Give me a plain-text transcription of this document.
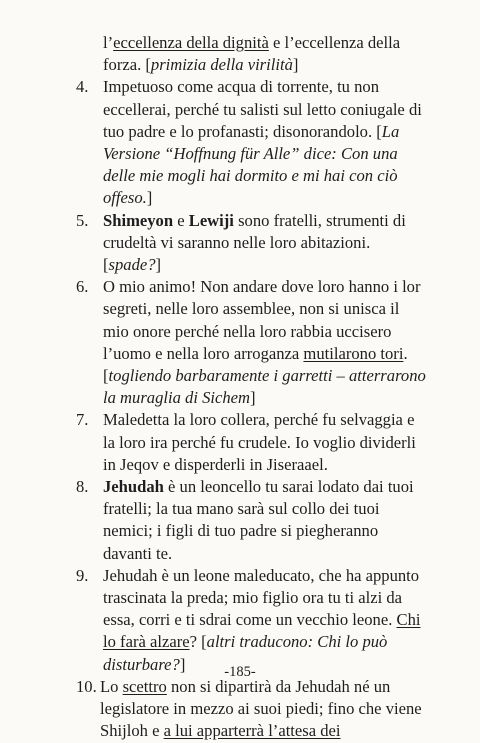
l’eccellenza della dignità e l’eccellenza della forza. [primizia della virilità]
4. Impetuoso come acqua di torrente, tu non eccellerai, perché tu salisti sul letto coniugale di tuo padre e lo profanasti; disonorandolo. [La Versione “Hoffnung für Alle” dice: Con una delle mie mogli hai dormito e mi hai con ciò offeso.]
5. Shimeyon e Lewiji sono fratelli, strumenti di crudeltà vi saranno nelle loro abitazioni. [spade?]
6. O mio animo! Non andare dove loro hanno i lor segreti, nelle loro assemblee, non si unisca il mio onore perché nella loro rabbia uccisero l’uomo e nella loro arroganza mutilarono tori. [togliendo barbaramente i garretti – atterrarono la muraglia di Sichem]
7. Maledetta la loro collera, perché fu selvaggia e la loro ira perché fu crudele. Io voglio dividerli in Jeqov e disperderli in Jiseraael.
8. Jehudah è un leoncello tu sarai lodato dai tuoi fratelli; la tua mano sarà sul collo dei tuoi nemici; i figli di tuo padre si piegheranno davanti te.
9. Jehudah è un leone maleducato, che ha appunto trascinata la preda; mio figlio ora tu ti alzi da essa, corri e ti sdrai come un vecchio leone. Chi lo farà alzare? [altri traducono: Chi lo può disturbare?]
10. Lo scettro non si dipartirà da Jehudah né un legislatore in mezzo ai suoi piedi; fino che viene Shijloh e a lui apparterrà l’attesa dei
-185-
